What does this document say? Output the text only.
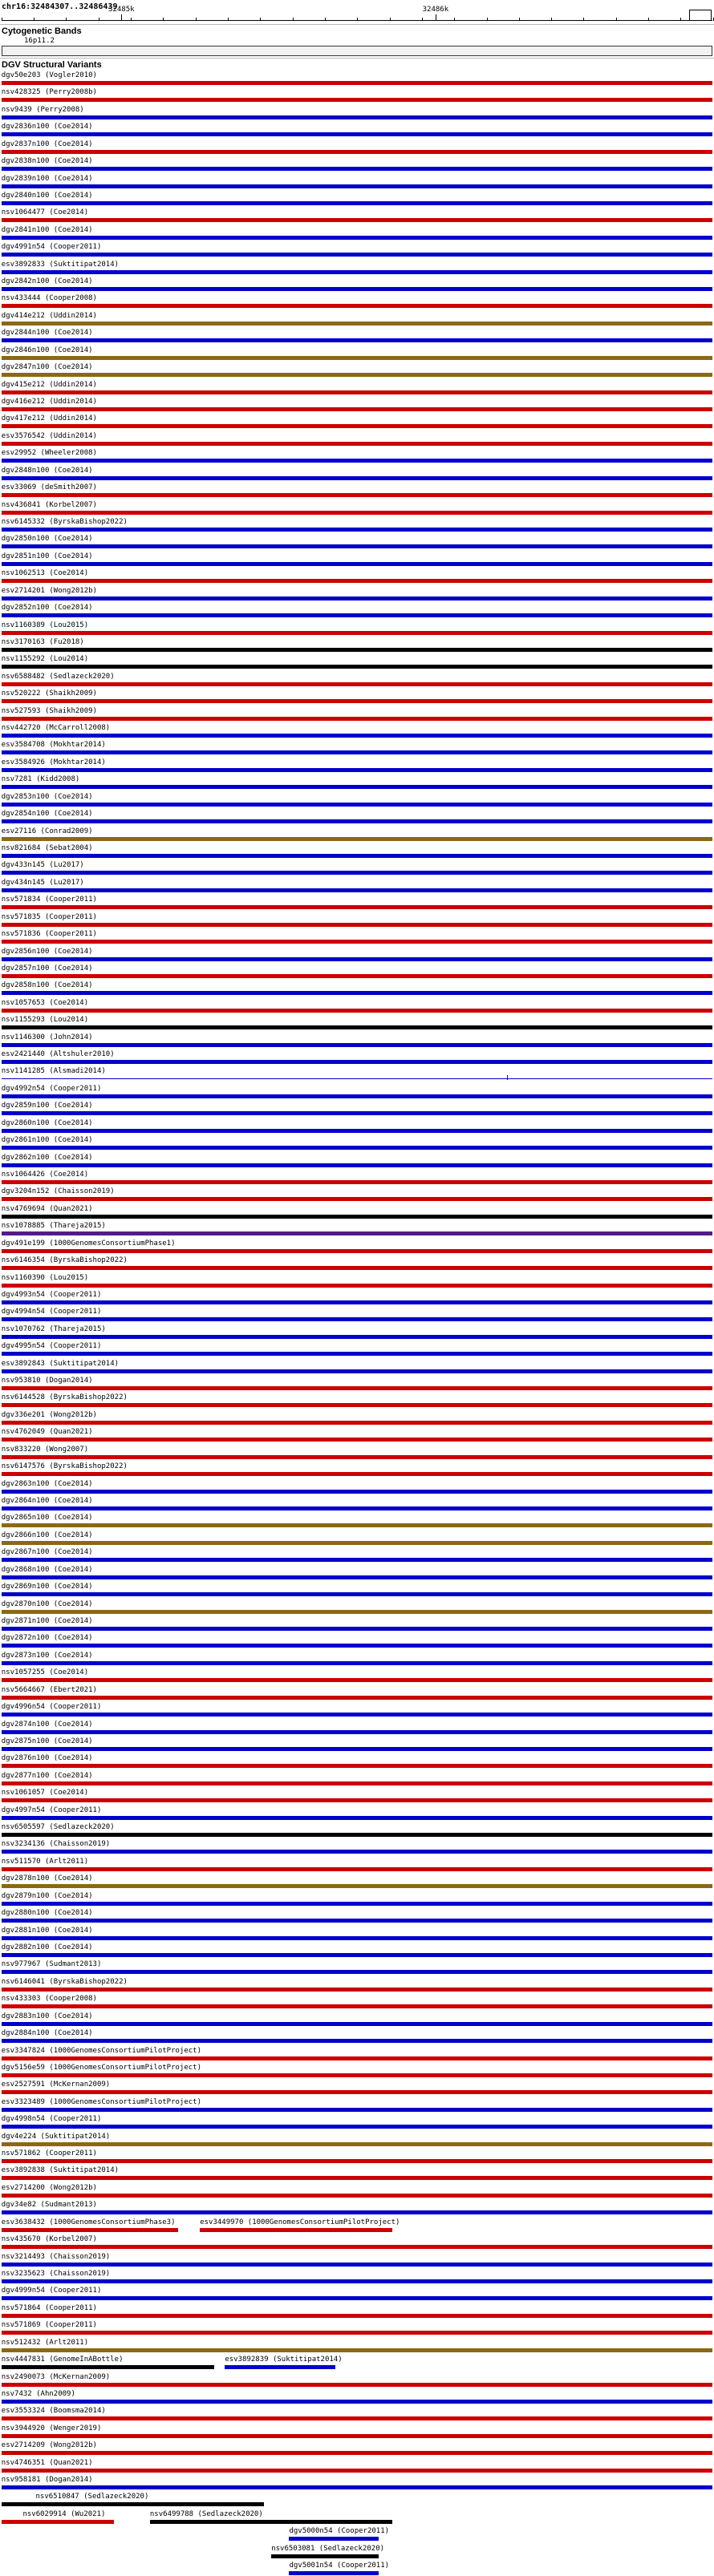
chr16:32484307..32486439
32485k	32486k
Cytogenetic Bands
16p11.2
DGV Structural Variants
dgv50e203 (Vogler2010)
nsv428325 (Perry2008b)
nsv9439 (Perry2008)
dgv2836n100 (Coe2014)
dgv2837n100 (Coe2014)
dgv2838n100 (Coe2014)
dgv2839n100 (Coe2014)
dgv2840n100 (Coe2014)
nsv1064477 (Coe2014)
dgv2841n100 (Coe2014)
dgv4991n54 (Cooper2011)
esv3892833 (Suktitipat2014)
dgv2842n100 (Coe2014)
nsv433444 (Cooper2008)
dgv414e212 (Uddin2014)
dgv2844n100 (Coe2014)
dgv2846n100 (Coe2014)
dgv2847n100 (Coe2014)
dgv415e212 (Uddin2014)
dgv416e212 (Uddin2014)
dgv417e212 (Uddin2014)
esv3576542 (Uddin2014)
esv29952 (Wheeler2008)
dgv2848n100 (Coe2014)
esv33069 (deSmith2007)
nsv436841 (Korbel2007)
nsv6145332 (ByrskaBishop2022)
dgv2850n100 (Coe2014)
dgv2851n100 (Coe2014)
nsv1062513 (Coe2014)
esv2714201 (Wong2012b)
dgv2852n100 (Coe2014)
nsv1160389 (Lou2015)
nsv3170163 (Fu2018)
nsv1155292 (Lou2014)
nsv6588482 (Sedlazeck2020)
nsv520222 (Shaikh2009)
nsv527593 (Shaikh2009)
nsv442720 (McCarroll2008)
esv3584708 (Mokhtar2014)
esv3584926 (Mokhtar2014)
nsv7281 (Kidd2008)
dgv2853n100 (Coe2014)
dgv2854n100 (Coe2014)
esv27116 (Conrad2009)
nsv821684 (Sebat2004)
dgv433n145 (Lu2017)
dgv434n145 (Lu2017)
nsv571834 (Cooper2011)
nsv571835 (Cooper2011)
nsv571836 (Cooper2011)
dgv2856n100 (Coe2014)
dgv2857n100 (Coe2014)
dgv2858n100 (Coe2014)
nsv1057653 (Coe2014)
nsv1155293 (Lou2014)
nsv1146300 (John2014)
esv2421440 (Altshuler2010)
nsv1141285 (Alsmadi2014)
dgv4992n54 (Cooper2011)
dgv2859n100 (Coe2014)
dgv2860n100 (Coe2014)
dgv2861n100 (Coe2014)
dgv2862n100 (Coe2014)
nsv1064426 (Coe2014)
dgv3204n152 (Chaisson2019)
nsv4769694 (Quan2021)
nsv1078885 (Thareja2015)
dgv491e199 (1000GenomesConsortiumPhase1)
nsv6146354 (ByrskaBishop2022)
nsv1160390 (Lou2015)
dgv4993n54 (Cooper2011)
dgv4994n54 (Cooper2011)
nsv1070762 (Thareja2015)
dgv4995n54 (Cooper2011)
esv3892843 (Suktitipat2014)
nsv953810 (Dogan2014)
nsv6144528 (ByrskaBishop2022)
dgv336e201 (Wong2012b)
nsv4762049 (Quan2021)
nsv833220 (Wong2007)
nsv6147576 (ByrskaBishop2022)
dgv2863n100 (Coe2014)
dgv2864n100 (Coe2014)
dgv2865n100 (Coe2014)
dgv2866n100 (Coe2014)
dgv2867n100 (Coe2014)
dgv2868n100 (Coe2014)
dgv2869n100 (Coe2014)
dgv2870n100 (Coe2014)
dgv2871n100 (Coe2014)
dgv2872n100 (Coe2014)
dgv2873n100 (Coe2014)
nsv1057255 (Coe2014)
nsv5664667 (Ebert2021)
dgv4996n54 (Cooper2011)
dgv2874n100 (Coe2014)
dgv2875n100 (Coe2014)
dgv2876n100 (Coe2014)
dgv2877n100 (Coe2014)
nsv1061057 (Coe2014)
dgv4997n54 (Cooper2011)
nsv6505597 (Sedlazeck2020)
nsv3234136 (Chaisson2019)
nsv511570 (Arlt2011)
dgv2878n100 (Coe2014)
dgv2879n100 (Coe2014)
dgv2880n100 (Coe2014)
dgv2881n100 (Coe2014)
dgv2882n100 (Coe2014)
nsv977967 (Sudmant2013)
nsv6146041 (ByrskaBishop2022)
nsv433303 (Cooper2008)
dgv2883n100 (Coe2014)
dgv2884n100 (Coe2014)
esv3347824 (1000GenomesConsortiumPilotProject)
dgv5156e59 (1000GenomesConsortiumPilotProject)
esv2527591 (McKernan2009)
esv3323489 (1000GenomesConsortiumPilotProject)
dgv4998n54 (Cooper2011)
dgv4e224 (Suktitipat2014)
nsv571862 (Cooper2011)
esv3892838 (Suktitipat2014)
esv2714200 (Wong2012b)
dgv34e82 (Sudmant2013)
esv3638432 (1000GenomesConsortiumPhase3)	esv3449970 (1000GenomesConsortiumPilotProject)
nsv435670 (Korbel2007)
nsv3214493 (Chaisson2019)
nsv3235623 (Chaisson2019)
dgv4999n54 (Cooper2011)
nsv571864 (Cooper2011)
nsv571869 (Cooper2011)
nsv512432 (Arlt2011)
nsv4447831 (GenomeInABottle)	esv3892839 (Suktitipat2014)
nsv2490073 (McKernan2009)
nsv7432 (Ahn2009)
esv3553324 (Boomsma2014)
nsv3944920 (Wenger2019)
esv2714209 (Wong2012b)
nsv4746351 (Quan2021)
nsv958181 (Dogan2014)
nsv6510847 (Sedlazeck2020)
nsv6029914 (Wu2021)	nsv6499788 (Sedlazeck2020)
dgv5000n54 (Cooper2011)
nsv6503081 (Sedlazeck2020)
dgv5001n54 (Cooper2011)
